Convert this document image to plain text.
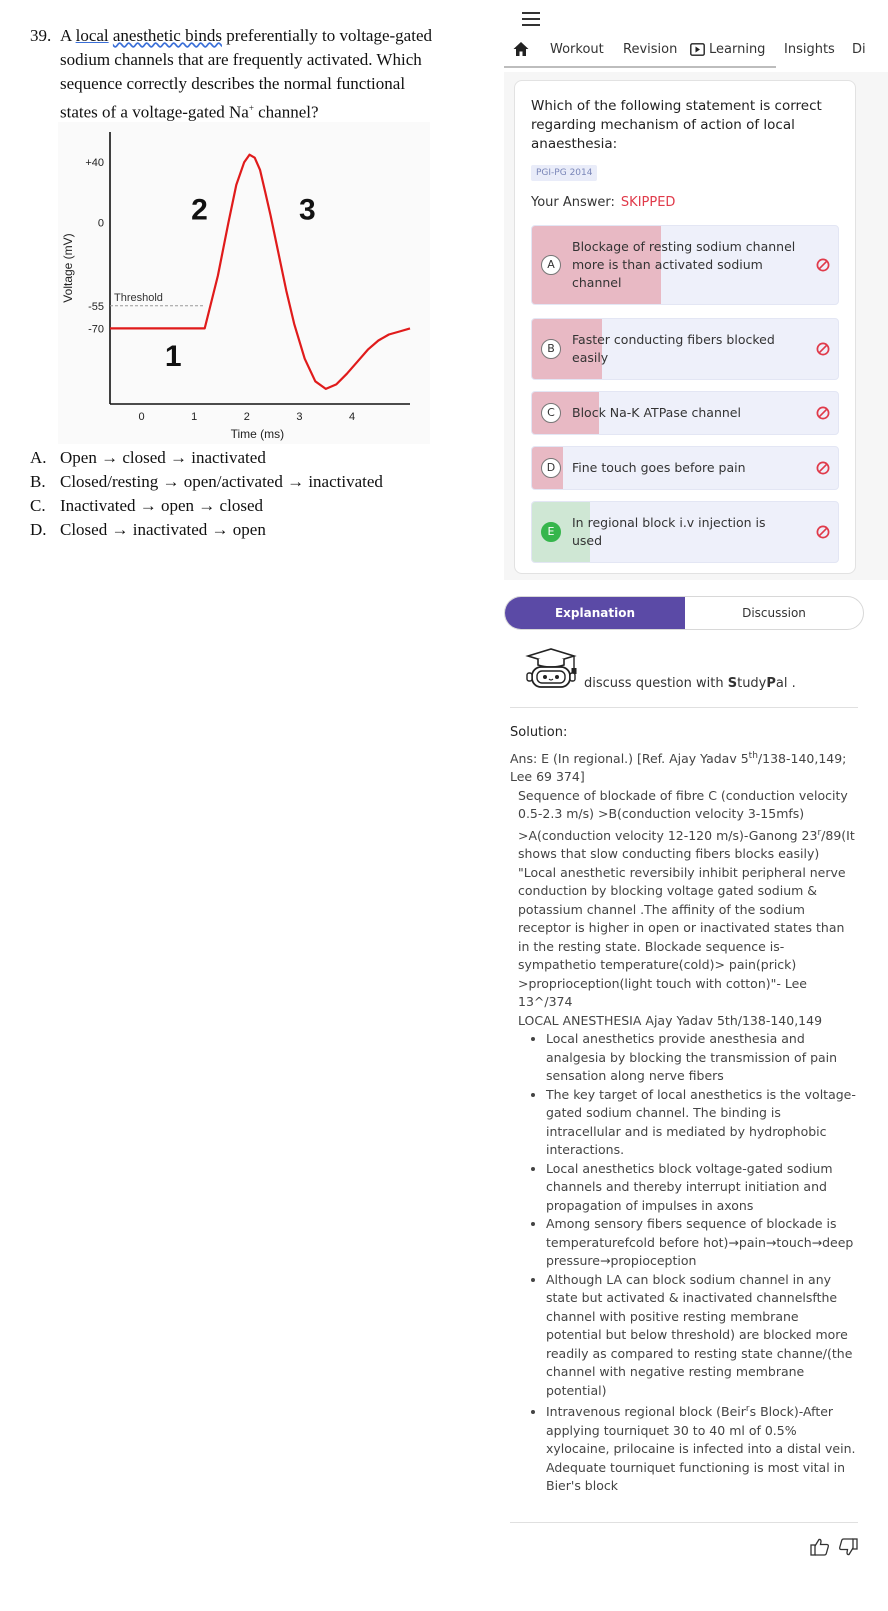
39. A local anesthetic binds preferentially to voltage-gated
sodium channels that are frequently activated. Which
sequence correctly describes the normal functional
states of a voltage-gated Na+ channel?
Threshold
+40
0
-55
-70
0	1	2	3	4
Time (ms)
Voltage (mV)
1
2	3
A. Open → closed → inactivated
B. Closed/resting → open/activated → inactivated
C. Inactivated → open → closed
D. Closed → inactivated → open
Workout Revision Learning Insights Di
Which of the following statement is correct regarding mechanism of action of local anaesthesia:
PGI-PG 2014
Your Answer: SKIPPED
A
Blockage of resting sodium channel more is than activated sodium channel
B
Faster conducting fibers blocked easily
C	Block Na-K ATPase channel
D	Fine touch goes before pain
E
In regional block i.v injection is used
Explanation	Discussion
discuss question with StudyPal .
Solution:
Ans: E (In regional.) [Ref. Ajay Yadav 5th/138-140,149; Lee 69 374]
Sequence of blockade of fibre C (conduction velocity 0.5-2.3 m/s) >B(conduction velocity 3-15mfs) >A(conduction velocity 12-120 m/s)-Ganong 23$^r$/89(It shows that slow conducting fibers blocks easily)
"Local anesthetic reversibily inhibit peripheral nerve conduction by blocking voltage gated sodium & potassium channel .The affinity of the sodium receptor is higher in open or inactivated states than in the resting state. Blockade sequence is- sympathetio temperature(cold)> pain(prick) >proprioception(light touch with cotton)"- Lee 13^/374
LOCAL ANESTHESIA Ajay Yadav 5th/138-140,149
• Local anesthetics provide anesthesia and analgesia by blocking the transmission of pain sensation along nerve fibers
• The key target of local anesthetics is the voltage-gated sodium channel. The binding is intracellular and is mediated by hydrophobic interactions.
• Local anesthetics block voltage-gated sodium channels and thereby interrupt initiation and propagation of impulses in axons
• Among sensory fibers sequence of blockade is temperaturefcold before hot)→pain→touch→deep pressure→propioception
• Although LA can block sodium channel in any state but activated & inactivated channelsfthe channel with positive resting membrane potential but below threshold) are blocked more readily as compared to resting state channe/(the channel with negative resting membrane potential)
• Intravenous regional block (Beir$^r$s Block)-After applying tourniquet 30 to 40 ml of 0.5% xylocaine, prilocaine is infected into a distal vein. Adequate tourniquet functioning is most vital in Bier's block
